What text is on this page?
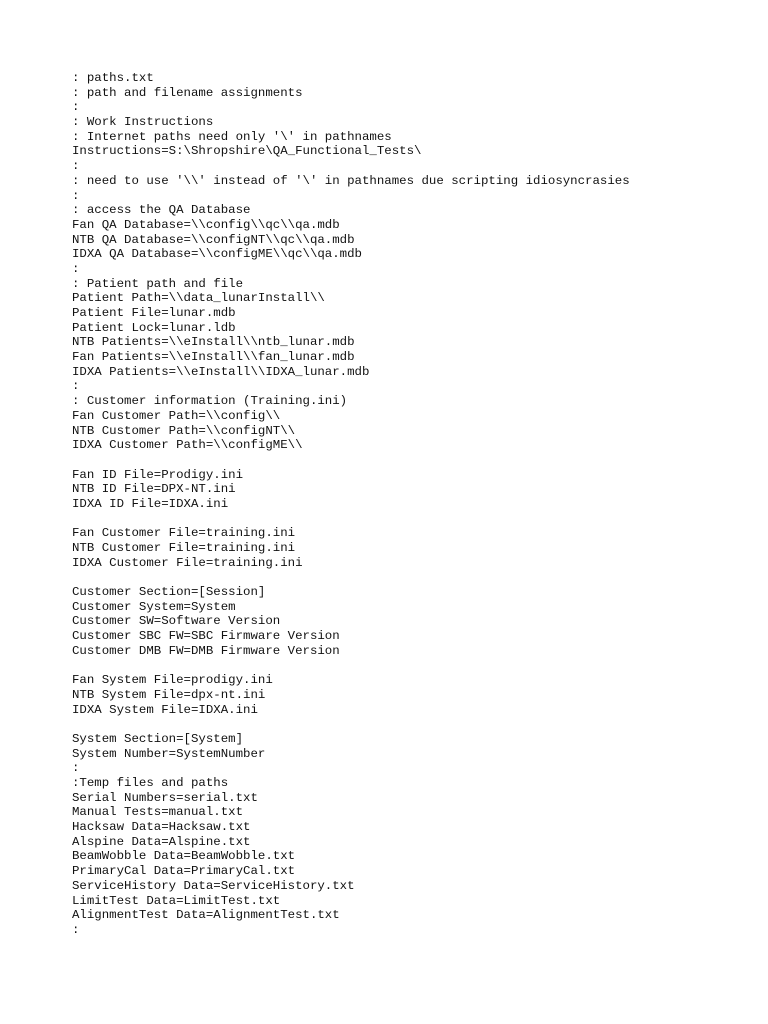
: paths.txt
: path and filename assignments
:
: Work Instructions
: Internet paths need only '\' in pathnames
Instructions=S:\Shropshire\QA_Functional_Tests\
:
: need to use '\\' instead of '\' in pathnames due scripting idiosyncrasies
:
: access the QA Database
Fan QA Database=\\config\\qc\\qa.mdb
NTB QA Database=\\configNT\\qc\\qa.mdb
IDXA QA Database=\\configME\\qc\\qa.mdb
:
: Patient path and file
Patient Path=\\data_lunarInstall\\
Patient File=lunar.mdb
Patient Lock=lunar.ldb
NTB Patients=\\eInstall\\ntb_lunar.mdb
Fan Patients=\\eInstall\\fan_lunar.mdb
IDXA Patients=\\eInstall\\IDXA_lunar.mdb
:
: Customer information (Training.ini)
Fan Customer Path=\\config\\
NTB Customer Path=\\configNT\\
IDXA Customer Path=\\configME\\
Fan ID File=Prodigy.ini
NTB ID File=DPX-NT.ini
IDXA ID File=IDXA.ini
Fan Customer File=training.ini
NTB Customer File=training.ini
IDXA Customer File=training.ini
Customer Section=[Session]
Customer System=System
Customer SW=Software Version
Customer SBC FW=SBC Firmware Version
Customer DMB FW=DMB Firmware Version
Fan System File=prodigy.ini
NTB System File=dpx-nt.ini
IDXA System File=IDXA.ini
System Section=[System]
System Number=SystemNumber
:
:Temp files and paths
Serial Numbers=serial.txt
Manual Tests=manual.txt
Hacksaw Data=Hacksaw.txt
Alspine Data=Alspine.txt
BeamWobble Data=BeamWobble.txt
PrimaryCal Data=PrimaryCal.txt
ServiceHistory Data=ServiceHistory.txt
LimitTest Data=LimitTest.txt
AlignmentTest Data=AlignmentTest.txt
:
